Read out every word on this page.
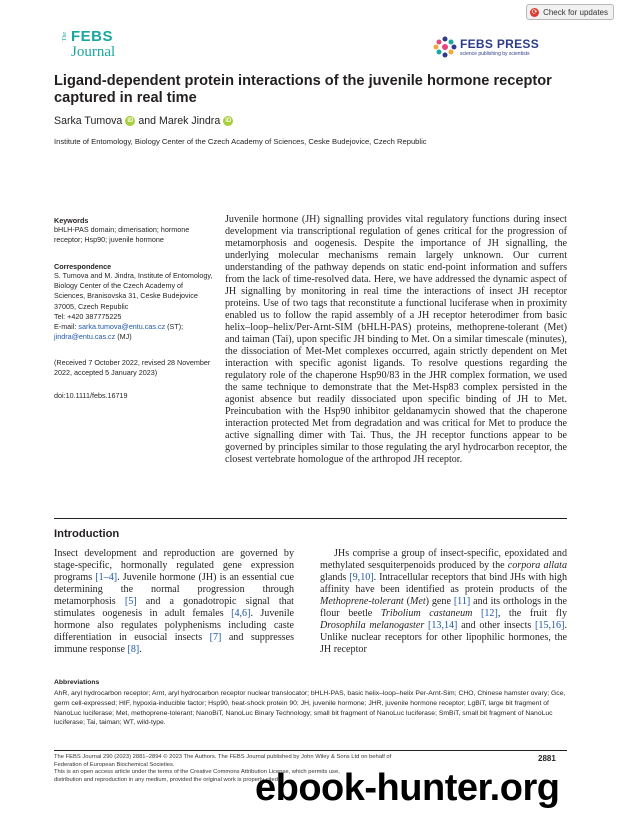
⟳ Check for updates
The FEBS
Journal	FEBS PRESS
science publishing by scientists
Ligand-dependent protein interactions of the juvenile hormone receptor captured in real time
Sarka Tumova iD and Marek Jindra iD
Institute of Entomology, Biology Center of the Czech Academy of Sciences, Ceske Budejovice, Czech Republic
Keywords
bHLH-PAS domain; dimerisation; hormone receptor; Hsp90; juvenile hormone
Correspondence
S. Tumova and M. Jindra, Institute of Entomology, Biology Center of the Czech Academy of Sciences, Branisovska 31, Ceske Budejovice 37005, Czech Republic
Tel: +420 387775225
E-mail: sarka.tumova@entu.cas.cz (ST);
jindra@entu.cas.cz (MJ)
(Received 7 October 2022, revised 28 November 2022, accepted 5 January 2023)
doi:10.1111/febs.16719
Juvenile hormone (JH) signalling provides vital regulatory functions during insect development via transcriptional regulation of genes critical for the progression of metamorphosis and oogenesis. Despite the importance of JH signalling, the underlying molecular mechanisms remain largely unknown. Our current understanding of the pathway depends on static end-point information and suffers from the lack of time-resolved data. Here, we have addressed the dynamic aspect of JH signalling by monitoring in real time the interactions of insect JH receptor proteins. Use of two tags that reconstitute a functional luciferase when in proximity enabled us to follow the rapid assembly of a JH receptor heterodimer from basic helix–loop–helix/Per-Arnt-SIM (bHLH-PAS) proteins, methoprene-tolerant (Met) and taiman (Tai), upon specific JH binding to Met. On a similar timescale (minutes), the dissociation of Met-Met complexes occurred, again strictly dependent on Met interaction with specific agonist ligands. To resolve questions regarding the regulatory role of the chaperone Hsp90/83 in the JHR complex formation, we used the same technique to demonstrate that the Met-Hsp83 complex persisted in the agonist absence but readily dissociated upon specific binding of JH to Met. Preincubation with the Hsp90 inhibitor geldanamycin showed that the chaperone interaction protected Met from degradation and was critical for Met to produce the active signalling dimer with Tai. Thus, the JH receptor functions appear to be governed by principles similar to those regulating the aryl hydrocarbon receptor, the closest vertebrate homologue of the arthropod JH receptor.
Introduction
Insect development and reproduction are governed by stage-specific, hormonally regulated gene expression programs [1–4]. Juvenile hormone (JH) is an essential cue determining the normal progression through metamorphosis [5] and a gonadotropic signal that stimulates oogenesis in adult females [4,6]. Juvenile hormone also regulates polyphenisms including caste differentiation in eusocial insects [7] and suppresses immune response [8].
JHs comprise a group of insect-specific, epoxidated and methylated sesquiterpenoids produced by the corpora allata glands [9,10]. Intracellular receptors that bind JHs with high affinity have been identified as protein products of the Methoprene-tolerant (Met) gene [11] and its orthologs in the flour beetle Tribolium castaneum [12], the fruit fly Drosophila melanogaster [13,14] and other insects [15,16]. Unlike nuclear receptors for other lipophilic hormones, the JH receptor
Abbreviations
AhR, aryl hydrocarbon receptor; Arnt, aryl hydrocarbon receptor nuclear translocator; bHLH-PAS, basic helix–loop–helix Per-Arnt-Sim; CHO, Chinese hamster ovary; Gce, germ cell-expressed; HIF, hypoxia-inducible factor; Hsp90, heat-shock protein 90; JH, juvenile hormone; JHR, juvenile hormone receptor; LgBiT, large bit fragment of NanoLuc luciferase; Met, methoprene-tolerant; NanoBiT, NanoLuc Binary Technology; small bit fragment of NanoLuc luciferase; SmBiT, small bit fragment of NanoLuc luciferase; Tai, taiman; WT, wild-type.
The FEBS Journal 290 (2023) 2881–2894 © 2023 The Authors. The FEBS Journal published by John Wiley & Sons Ltd on behalf of
Federation of European Biochemical Societies.
This is an open access article under the terms of the Creative Commons Attribution License, which permits use,
distribution and reproduction in any medium, provided the original work is properly cited.
2881
ebook-hunter.org
